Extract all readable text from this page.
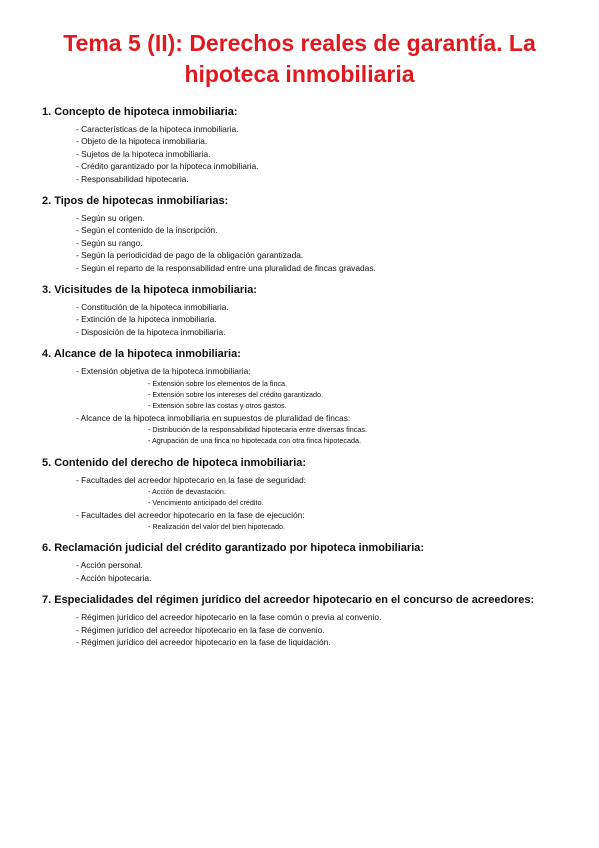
Tema 5 (II): Derechos reales de garantía. La
hipoteca inmobiliaria
1. Concepto de hipoteca inmobiliaria:
- Características de la hipoteca inmobiliaria.
- Objeto de la hipoteca inmobiliaria.
- Sujetos de la hipoteca inmobiliaria.
- Crédito garantizado por la hipoteca inmobiliaria.
- Responsabilidad hipotecaria.
2. Tipos de hipotecas inmobiliarias:
- Según su origen.
- Según el contenido de la inscripción.
- Según su rango.
- Según la periodicidad de pago de la obligación garantizada.
- Según el reparto de la responsabilidad entre una pluralidad de fincas gravadas.
3. Vicisitudes de la hipoteca inmobiliaria:
- Constitución de la hipoteca inmobiliaria.
- Extinción de la hipoteca inmobiliaria.
- Disposición de la hipoteca inmobiliaria.
4. Alcance de la hipoteca inmobiliaria:
- Extensión objetiva de la hipoteca inmobiliaria:
- Extensión sobre los elementos de la finca.
- Extensión sobre los intereses del crédito garantizado.
- Extensión sobre las costas y otros gastos.
- Alcance de la hipoteca inmobiliaria en supuestos de pluralidad de fincas:
- Distribución de la responsabilidad hipotecaria entre diversas fincas.
- Agrupación de una finca no hipotecada con otra finca hipotecada.
5. Contenido del derecho de hipoteca inmobiliaria:
- Facultades del acreedor hipotecario en la fase de seguridad:
- Acción de devastación.
- Vencimiento anticipado del crédito.
- Facultades del acreedor hipotecario en la fase de ejecución:
- Realización del valor del bien hipotecado.
6. Reclamación judicial del crédito garantizado por hipoteca inmobiliaria:
- Acción personal.
- Acción hipotecaria.
7. Especialidades del régimen jurídico del acreedor hipotecario en el concurso de acreedores:
- Régimen jurídico del acreedor hipotecario en la fase común o previa al convenio.
- Régimen jurídico del acreedor hipotecario en la fase de convenio.
- Régimen jurídico del acreedor hipotecario en la fase de liquidación.
